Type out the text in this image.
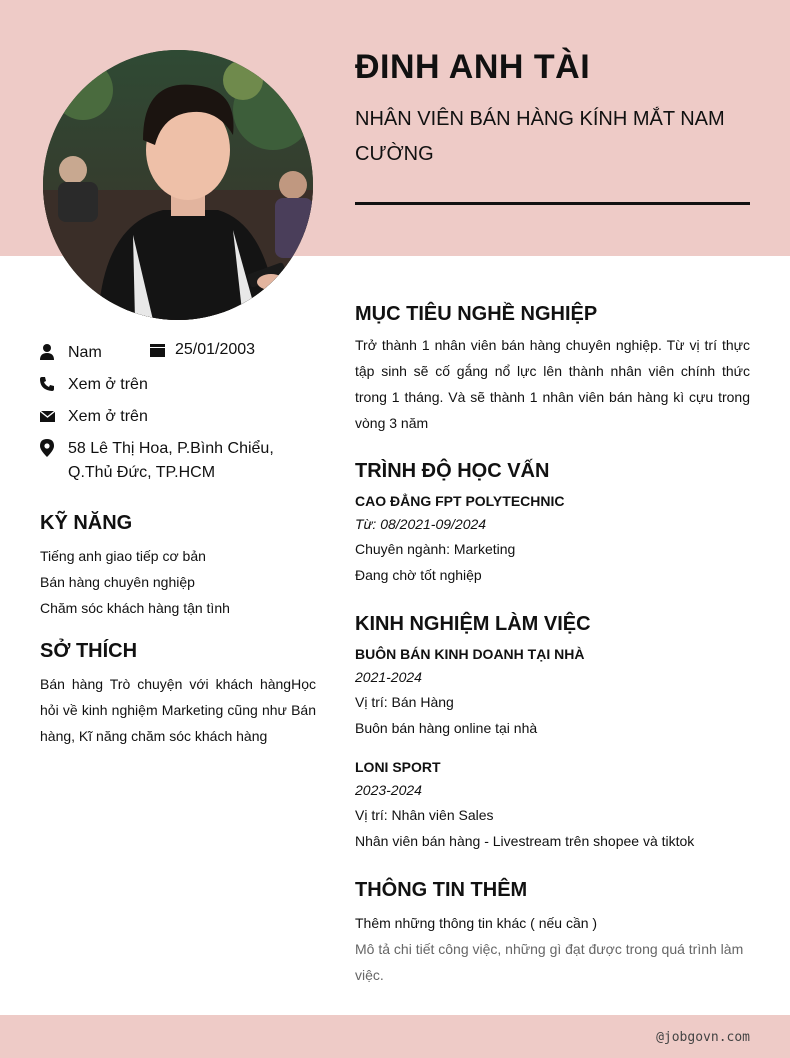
ĐINH ANH TÀI
NHÂN VIÊN BÁN HÀNG KÍNH MẮT NAM CƯỜNG
Nam	25/01/2003
Xem ở trên
Xem ở trên
58 Lê Thị Hoa, P.Bình Chiểu, Q.Thủ Đức, TP.HCM
KỸ NĂNG
Tiếng anh giao tiếp cơ bản
Bán hàng chuyên nghiệp
Chăm sóc khách hàng tận tình
SỞ THÍCH
Bán hàng Trò chuyện với khách hàngHọc hỏi về kinh nghiệm Marketing cũng như Bán hàng, Kĩ năng chăm sóc khách hàng
MỤC TIÊU NGHỀ NGHIỆP
Trở thành 1 nhân viên bán hàng chuyên nghiệp. Từ vị trí thực tập sinh sẽ cố gắng nổ lực lên thành nhân viên chính thức trong 1 tháng. Và sẽ thành 1 nhân viên bán hàng kì cựu trong vòng 3 năm
TRÌNH ĐỘ HỌC VẤN
CAO ĐẲNG FPT POLYTECHNIC
Từ: 08/2021-09/2024
Chuyên ngành: Marketing
Đang chờ tốt nghiệp
KINH NGHIỆM LÀM VIỆC
BUÔN BÁN KINH DOANH TẠI NHÀ
2021-2024
Vị trí: Bán Hàng
Buôn bán hàng online tại nhà
LONI SPORT
2023-2024
Vị trí: Nhân viên Sales
Nhân viên bán hàng - Livestream trên shopee và tiktok
THÔNG TIN THÊM
Thêm những thông tin khác ( nếu cần )
Mô tả chi tiết công việc, những gì đạt được trong quá trình làm việc.
@jobgovn.com
